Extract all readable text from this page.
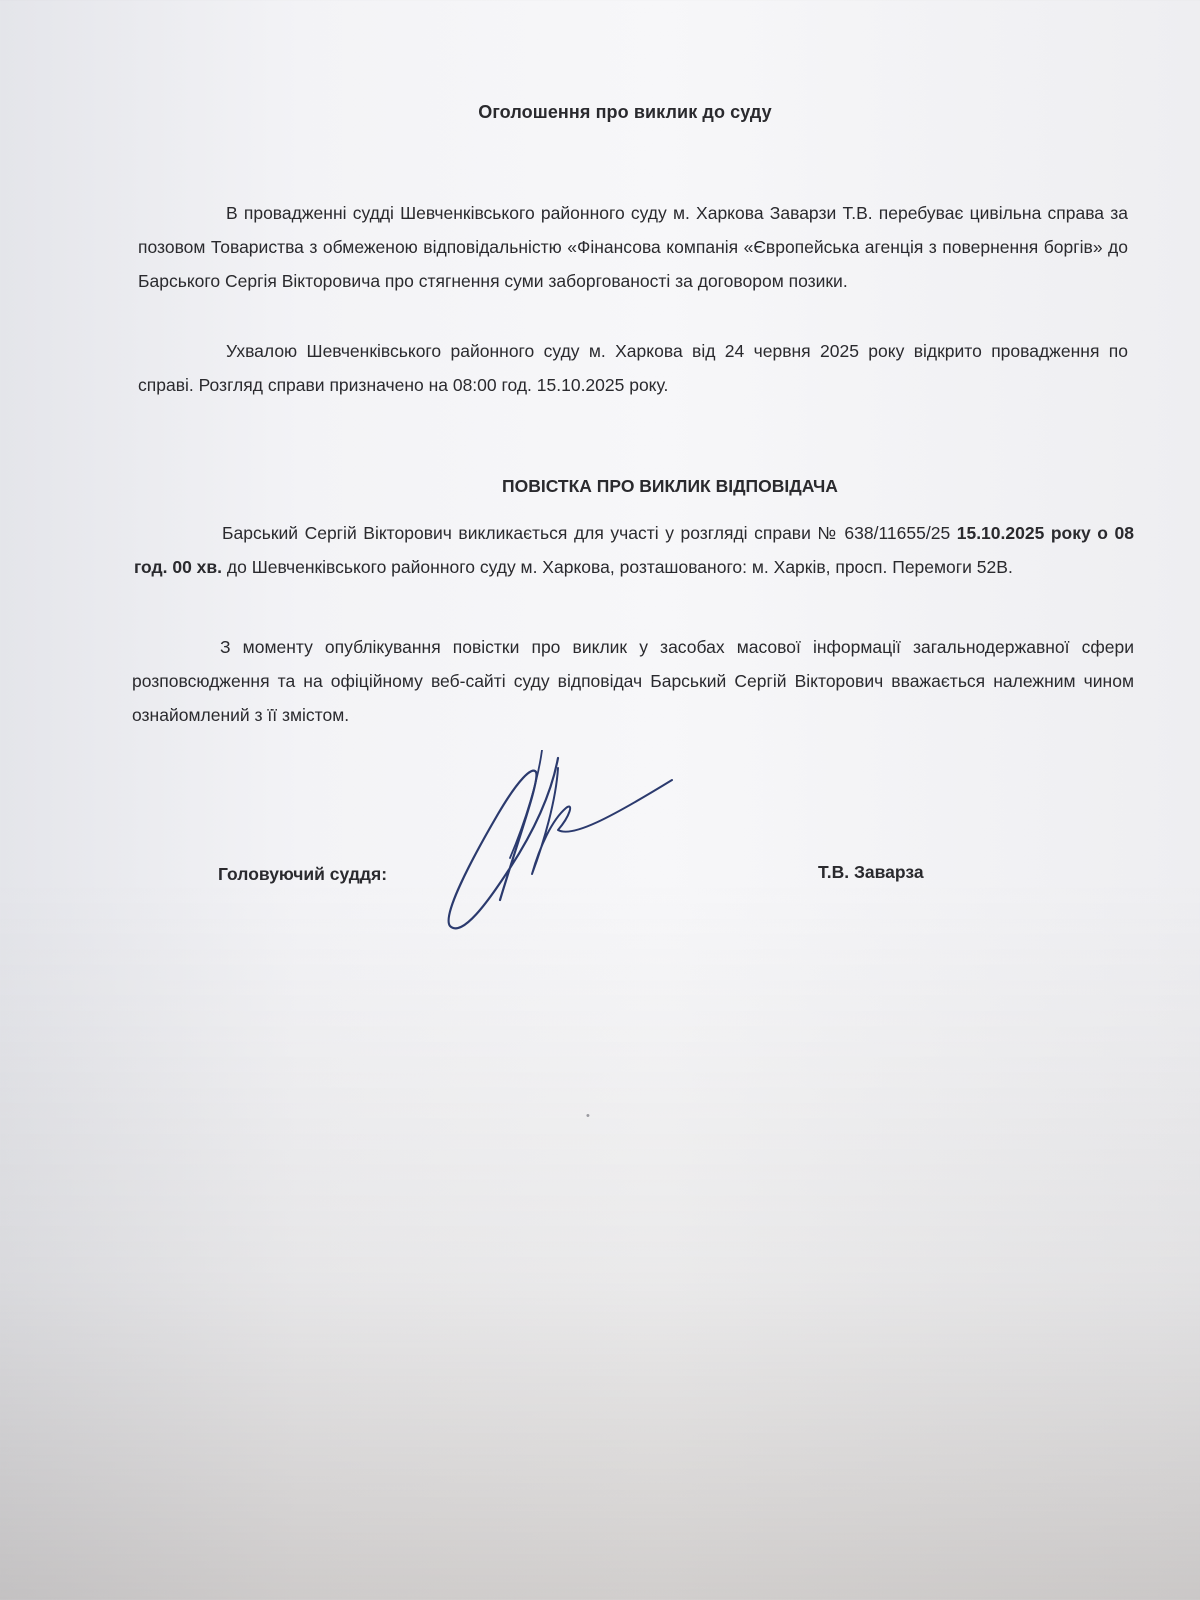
Оголошення про виклик до суду
В провадженні судді Шевченківського районного суду м. Харкова Заварзи Т.В. перебуває цивільна справа за позовом Товариства з обмеженою відповідальністю «Фінансова компанія «Європейська агенція з повернення боргів» до Барського Сергія Вікторовича про стягнення суми заборгованості за договором позики.
Ухвалою Шевченківського районного суду м. Харкова від 24 червня 2025 року відкрито провадження по справі. Розгляд справи призначено на 08:00 год. 15.10.2025 року.
ПОВІСТКА ПРО ВИКЛИК ВІДПОВІДАЧА
Барський Сергій Вікторович викликається для участі у розгляді справи № 638/11655/25 15.10.2025 року о 08 год. 00 хв. до Шевченківського районного суду м. Харкова, розташованого: м. Харків, просп. Перемоги 52В.
З моменту опублікування повістки про виклик у засобах масової інформації загальнодержавної сфери розповсюдження та на офіційному веб-сайті суду відповідач Барський Сергій Вікторович вважається належним чином ознайомлений з її змістом.
Головуючий суддя:	Т.В. Заварза
•
